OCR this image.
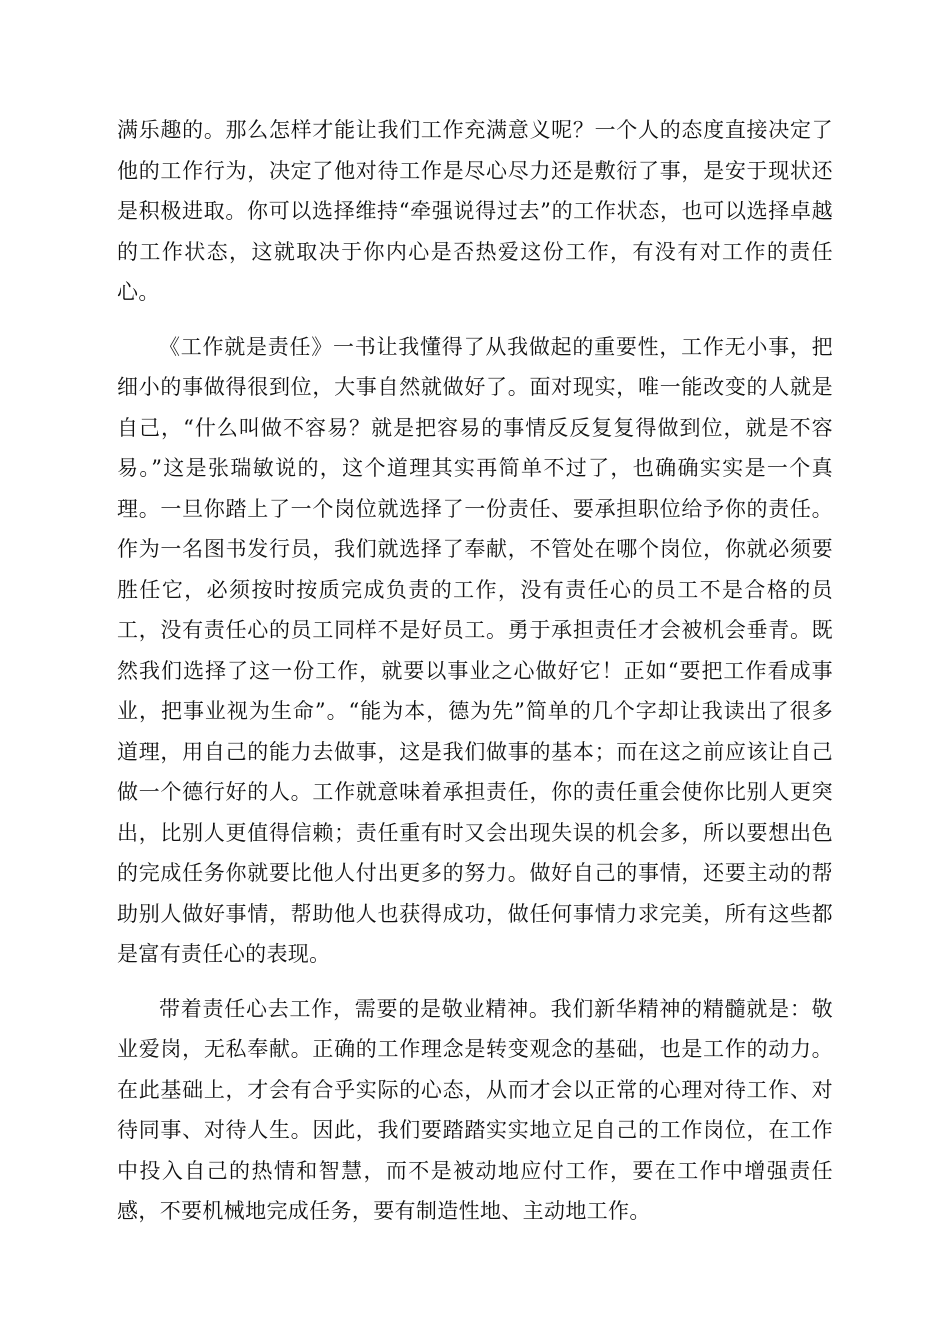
满乐趣的。那么怎样才能让我们工作充满意义呢？一个人的态度直接决定了他的工作行为，决定了他对待工作是尽心尽力还是敷衍了事，是安于现状还是积极进取。你可以选择维持“牵强说得过去”的工作状态，也可以选择卓越的工作状态，这就取决于你内心是否热爱这份工作，有没有对工作的责任心。

《工作就是责任》一书让我懂得了从我做起的重要性，工作无小事，把细小的事做得很到位，大事自然就做好了。面对现实，唯一能改变的人就是自己，“什么叫做不容易？就是把容易的事情反反复复得做到位，就是不容易。”这是张瑞敏说的，这个道理其实再简单不过了，也确确实实是一个真理。一旦你踏上了一个岗位就选择了一份责任、要承担职位给予你的责任。作为一名图书发行员，我们就选择了奉献，不管处在哪个岗位，你就必须要胜任它，必须按时按质完成负责的工作，没有责任心的员工不是合格的员工，没有责任心的员工同样不是好员工。勇于承担责任才会被机会垂青。既然我们选择了这一份工作，就要以事业之心做好它！正如“要把工作看成事业，把事业视为生命”。“能为本，德为先”简单的几个字却让我读出了很多道理，用自己的能力去做事，这是我们做事的基本；而在这之前应该让自己做一个德行好的人。工作就意味着承担责任，你的责任重会使你比别人更突出，比别人更值得信赖；责任重有时又会出现失误的机会多，所以要想出色的完成任务你就要比他人付出更多的努力。做好自己的事情，还要主动的帮助别人做好事情，帮助他人也获得成功，做任何事情力求完美，所有这些都是富有责任心的表现。

带着责任心去工作，需要的是敬业精神。我们新华精神的精髓就是：敬业爱岗，无私奉献。正确的工作理念是转变观念的基础，也是工作的动力。在此基础上，才会有合乎实际的心态，从而才会以正常的心理对待工作、对待同事、对待人生。因此，我们要踏踏实实地立足自己的工作岗位，在工作中投入自己的热情和智慧，而不是被动地应付工作，要在工作中增强责任感，不要机械地完成任务，要有制造性地、主动地工作。
